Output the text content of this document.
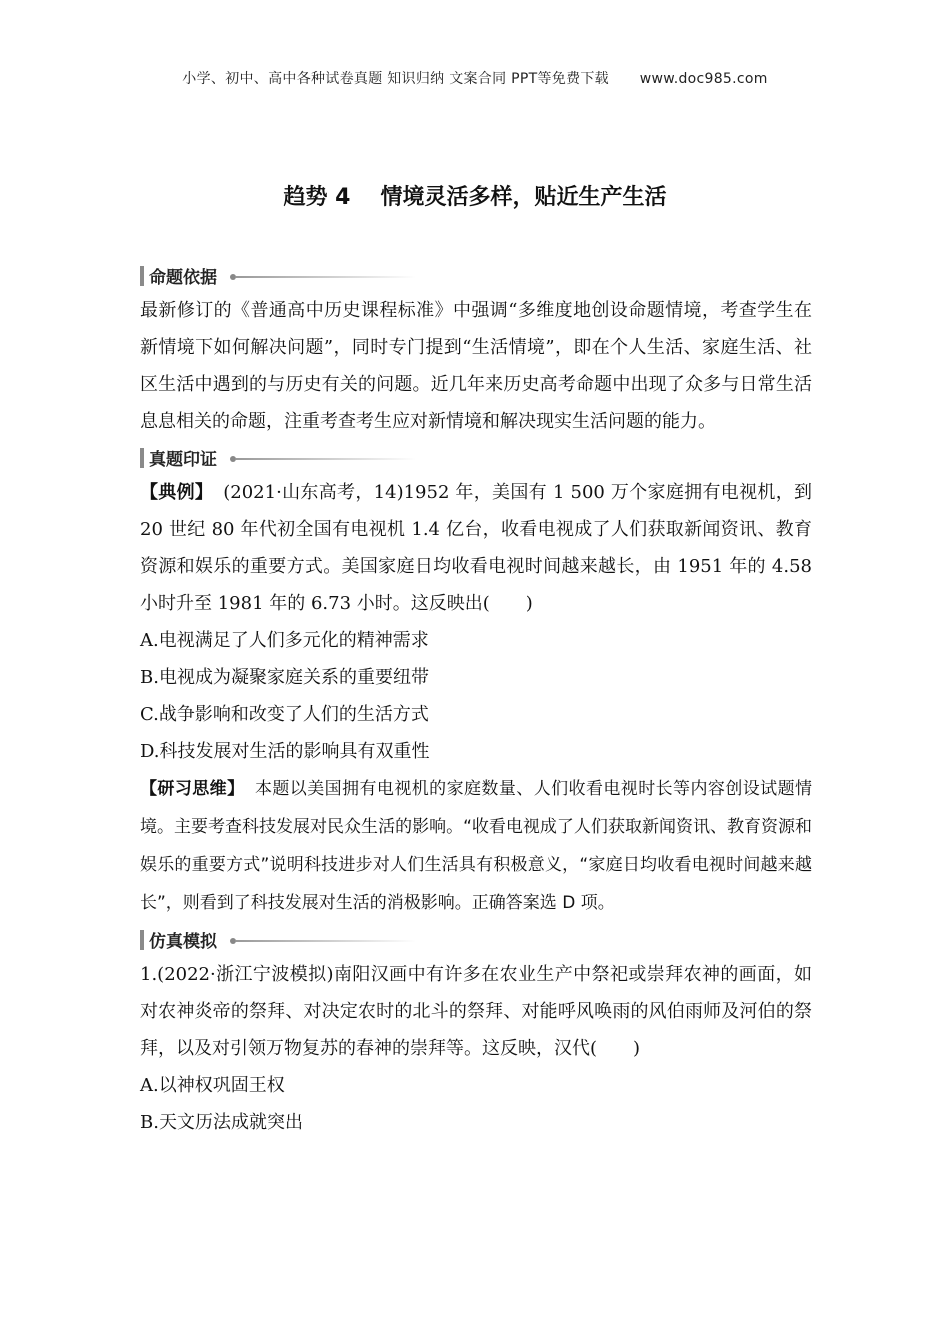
小学、初中、高中各种试卷真题 知识归纳 文案合同 PPT等免费下载 www.doc985.com
趋势 4 情境灵活多样，贴近生产生活
命题依据

最新修订的《普通高中历史课程标准》中强调“多维度地创设命题情境，考查学生在新情境下如何解决问题”，同时专门提到“生活情境”，即在个人生活、家庭生活、社区生活中遇到的与历史有关的问题。近几年来历史高考命题中出现了众多与日常生活息息相关的命题，注重考查考生应对新情境和解决现实生活问题的能力。

真题印证

【典例】 (2021·山东高考，14)1952 年，美国有 1 500 万个家庭拥有电视机，到 20 世纪 80 年代初全国有电视机 1.4 亿台，收看电视成了人们获取新闻资讯、教育资源和娱乐的重要方式。美国家庭日均收看电视时间越来越长，由 1951 年的 4.58 小时升至 1981 年的 6.73 小时。这反映出(　　)

A.电视满足了人们多元化的精神需求

B.电视成为凝聚家庭关系的重要纽带

C.战争影响和改变了人们的生活方式

D.科技发展对生活的影响具有双重性

【研习思维】 本题以美国拥有电视机的家庭数量、人们收看电视时长等内容创设试题情境。主要考查科技发展对民众生活的影响。“收看电视成了人们获取新闻资讯、教育资源和娱乐的重要方式”说明科技进步对人们生活具有积极意义，“家庭日均收看电视时间越来越长”，则看到了科技发展对生活的消极影响。正确答案选 D 项。

仿真模拟

1.(2022·浙江宁波模拟)南阳汉画中有许多在农业生产中祭祀或崇拜农神的画面，如对农神炎帝的祭拜、对决定农时的北斗的祭拜、对能呼风唤雨的风伯雨师及河伯的祭拜，以及对引领万物复苏的春神的崇拜等。这反映，汉代(　　)

A.以神权巩固王权

B.天文历法成就突出
